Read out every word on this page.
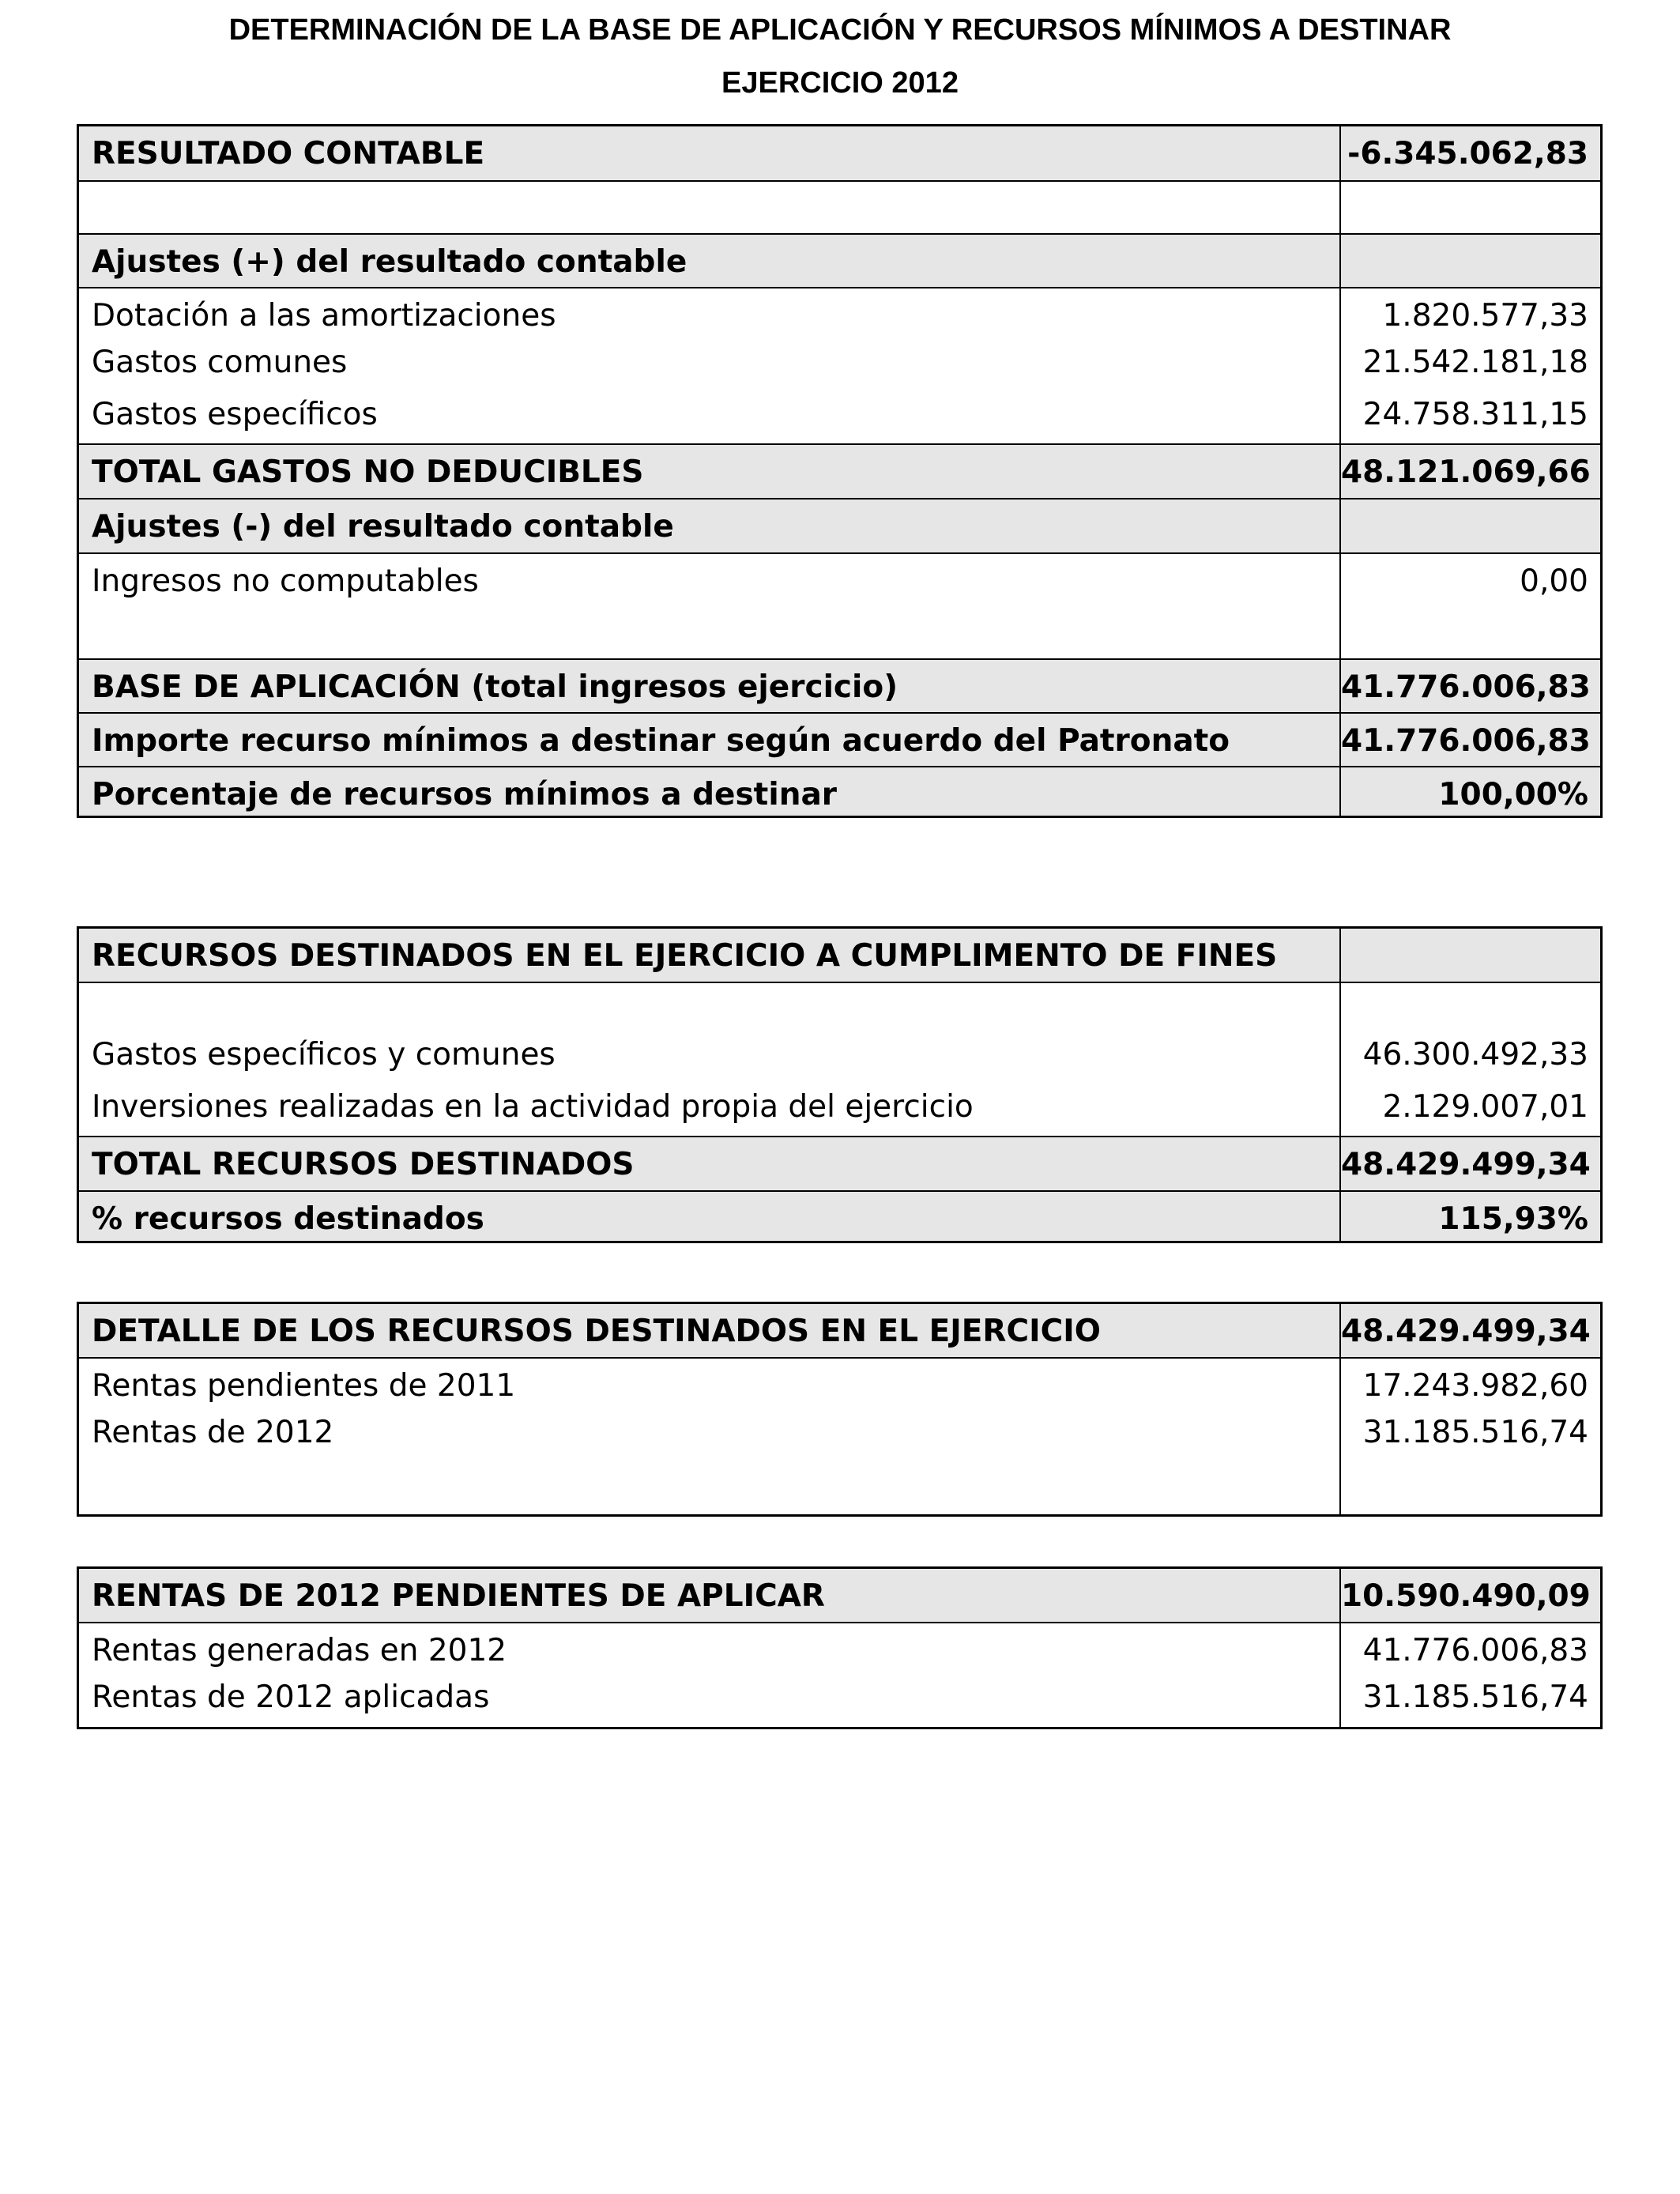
DETERMINACIÓN DE LA BASE DE APLICACIÓN Y RECURSOS MÍNIMOS A DESTINAR
EJERCICIO 2012
RESULTADO CONTABLE	-6.345.062,83
Ajustes (+) del resultado contable
Dotación a las amortizaciones	1.820.577,33
Gastos comunes	21.542.181,18
Gastos específicos	24.758.311,15
TOTAL GASTOS NO DEDUCIBLES	48.121.069,66
Ajustes (-) del resultado contable
Ingresos no computables	0,00
BASE DE APLICACIÓN (total ingresos ejercicio)	41.776.006,83
Importe recurso mínimos a destinar según acuerdo del Patronato	41.776.006,83
Porcentaje de recursos mínimos a destinar	100,00%
RECURSOS DESTINADOS EN EL EJERCICIO A CUMPLIMENTO DE FINES
Gastos específicos y comunes	46.300.492,33
Inversiones realizadas en la actividad propia del ejercicio	2.129.007,01
TOTAL RECURSOS DESTINADOS	48.429.499,34
% recursos destinados	115,93%
DETALLE DE LOS RECURSOS DESTINADOS EN EL EJERCICIO	48.429.499,34
Rentas pendientes de 2011	17.243.982,60
Rentas de 2012	31.185.516,74
RENTAS DE 2012 PENDIENTES DE APLICAR	10.590.490,09
Rentas generadas en 2012	41.776.006,83
Rentas de 2012 aplicadas	31.185.516,74
